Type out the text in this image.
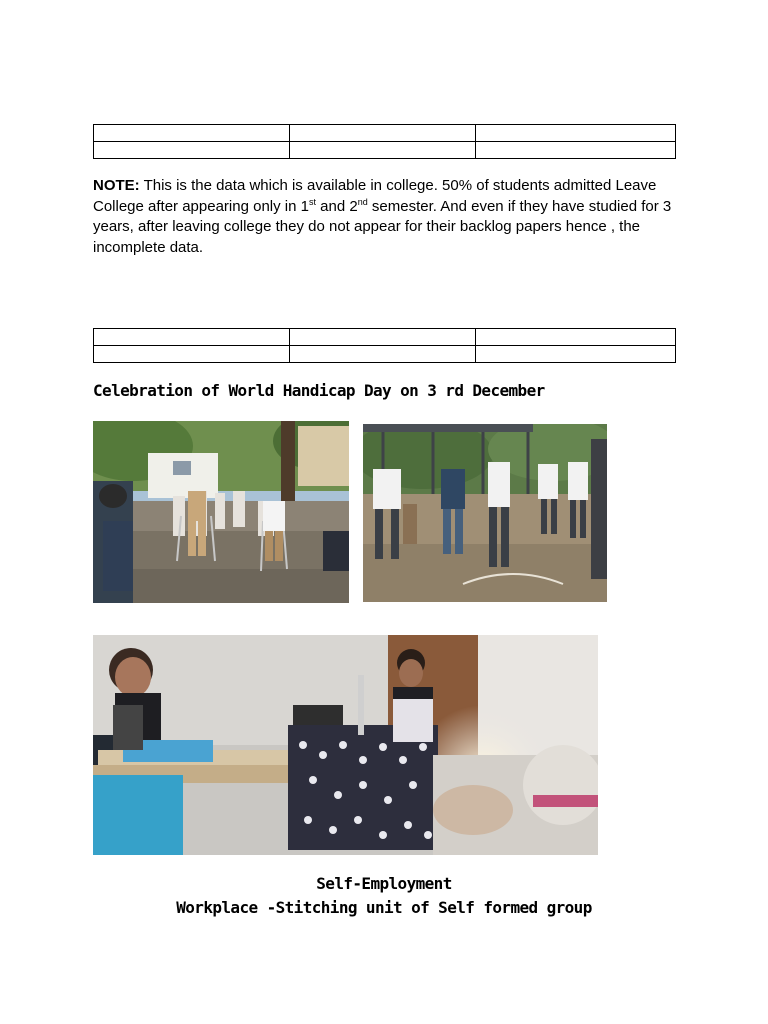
NOTE: This is the data which is available in college. 50% of students admitted Leave College after appearing only in 1st and 2nd semester. And even if they have studied for 3 years, after leaving college they do not appear for their backlog papers hence , the incomplete data.

Celebration of World Handicap Day on 3 rd December

Self-Employment

Workplace -Stitching unit of Self formed group
